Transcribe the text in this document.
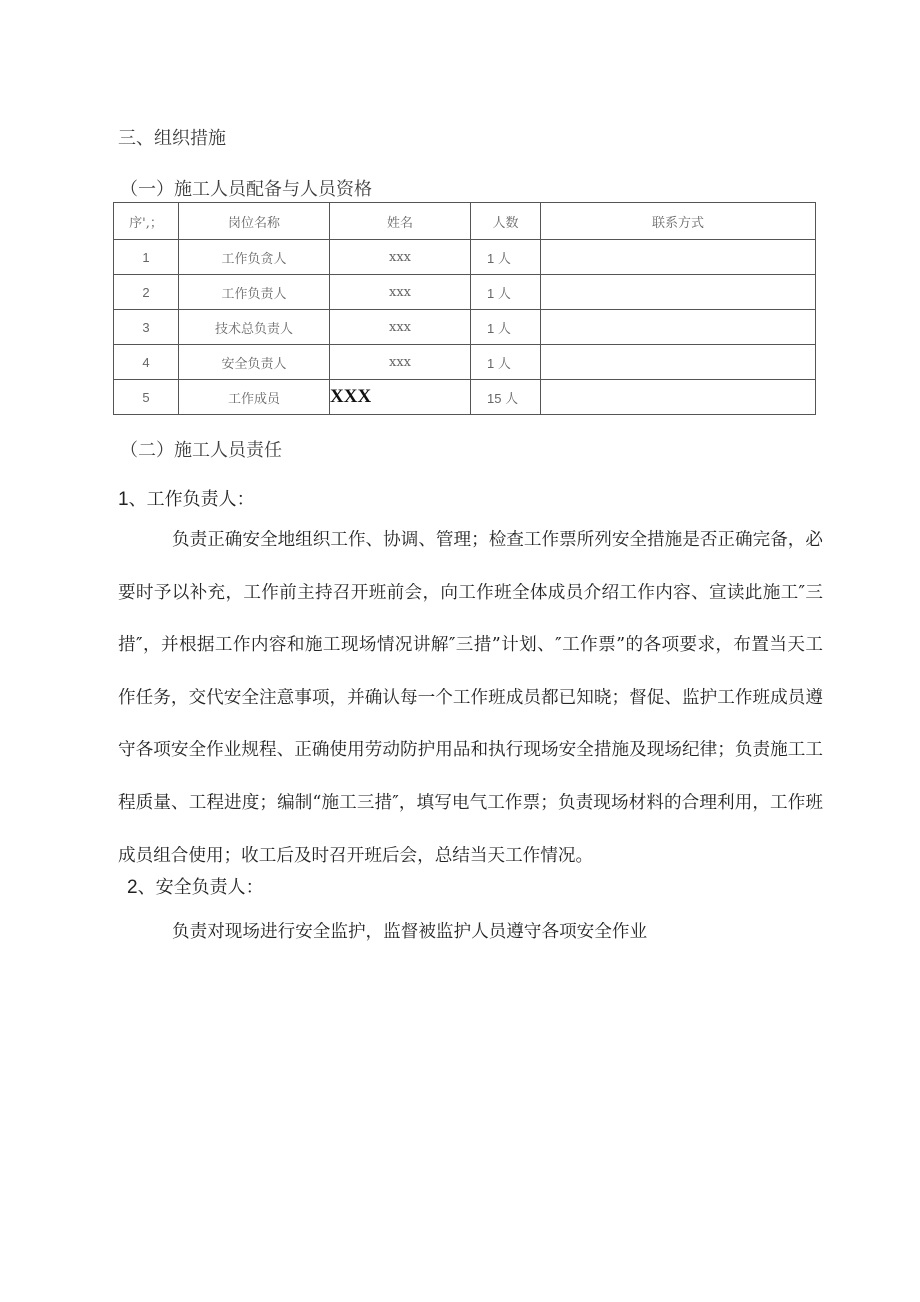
三、组织措施
（一）施工人员配备与人员资格
序',；	岗位名称	姓名	人数	联系方式
1	工作负贪人	xxx	1 人	
2	工作负责人	xxx	1 人	
3	技术总负责人	xxx	1 人	
4	安全负责人	xxx	1 人	
5	工作成员	XXX	15 人	
（二）施工人员责任
1、工作负责人：
负责正确安全地组织工作、协调、管理；检查工作票所列安全措施是否正确完备，必要时予以补充，工作前主持召开班前会，向工作班全体成员介绍工作内容、宣读此施工″三措″，并根据工作内容和施工现场情况讲解″三措”计划、″工作票”的各项要求，布置当天工作任务，交代安全注意事项，并确认每一个工作班成员都已知晓；督促、监护工作班成员遵守各项安全作业规程、正确使用劳动防护用品和执行现场安全措施及现场纪律；负责施工工程质量、工程进度；编制“施工三措″，填写电气工作票；负责现场材料的合理利用，工作班成员组合使用；收工后及时召开班后会，总结当天工作情况。
2、安全负责人：
负责对现场进行安全监护，监督被监护人员遵守各项安全作业
